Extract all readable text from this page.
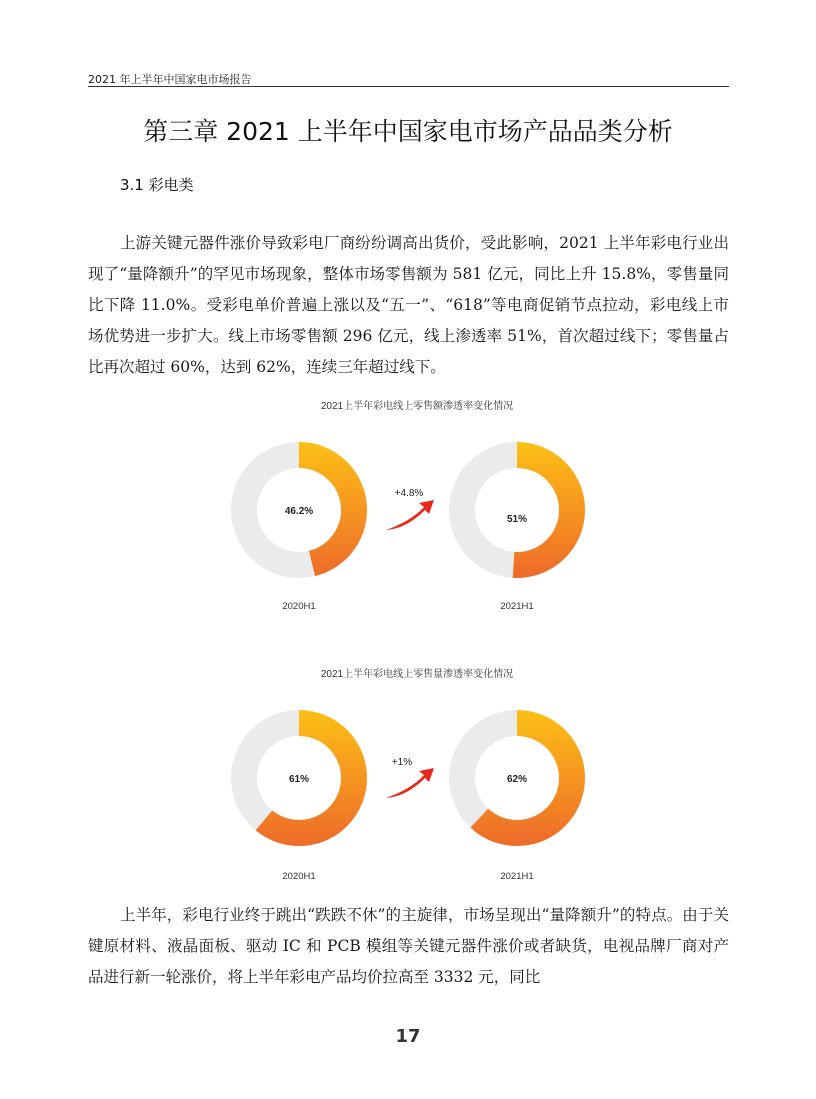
2021 年上半年中国家电市场报告
第三章 2021 上半年中国家电市场产品品类分析
3.1 彩电类

上游关键元器件涨价导致彩电厂商纷纷调高出货价，受此影响，2021 上半年彩电行业出现了“量降额升”的罕见市场现象，整体市场零售额为 581 亿元，同比上升 15.8%，零售量同比下降 11.0%。受彩电单价普遍上涨以及“五一”、“618”等电商促销节点拉动，彩电线上市场优势进一步扩大。线上市场零售额 296 亿元，线上渗透率 51%，首次超过线下；零售量占比再次超过 60%，达到 62%，连续三年超过线下。

2021上半年彩电线上零售额渗透率变化情况
46.2%
51%
+4.8%
2020H1	2021H1
2021上半年彩电线上零售量渗透率变化情况
61%	62%
+1%
2020H1	2021H1

上半年，彩电行业终于跳出“跌跌不休”的主旋律，市场呈现出“量降额升”的特点。由于关键原材料、液晶面板、驱动 IC 和 PCB 模组等关键元器件涨价或者缺货，电视品牌厂商对产品进行新一轮涨价，将上半年彩电产品均价拉高至 3332 元，同比

17
